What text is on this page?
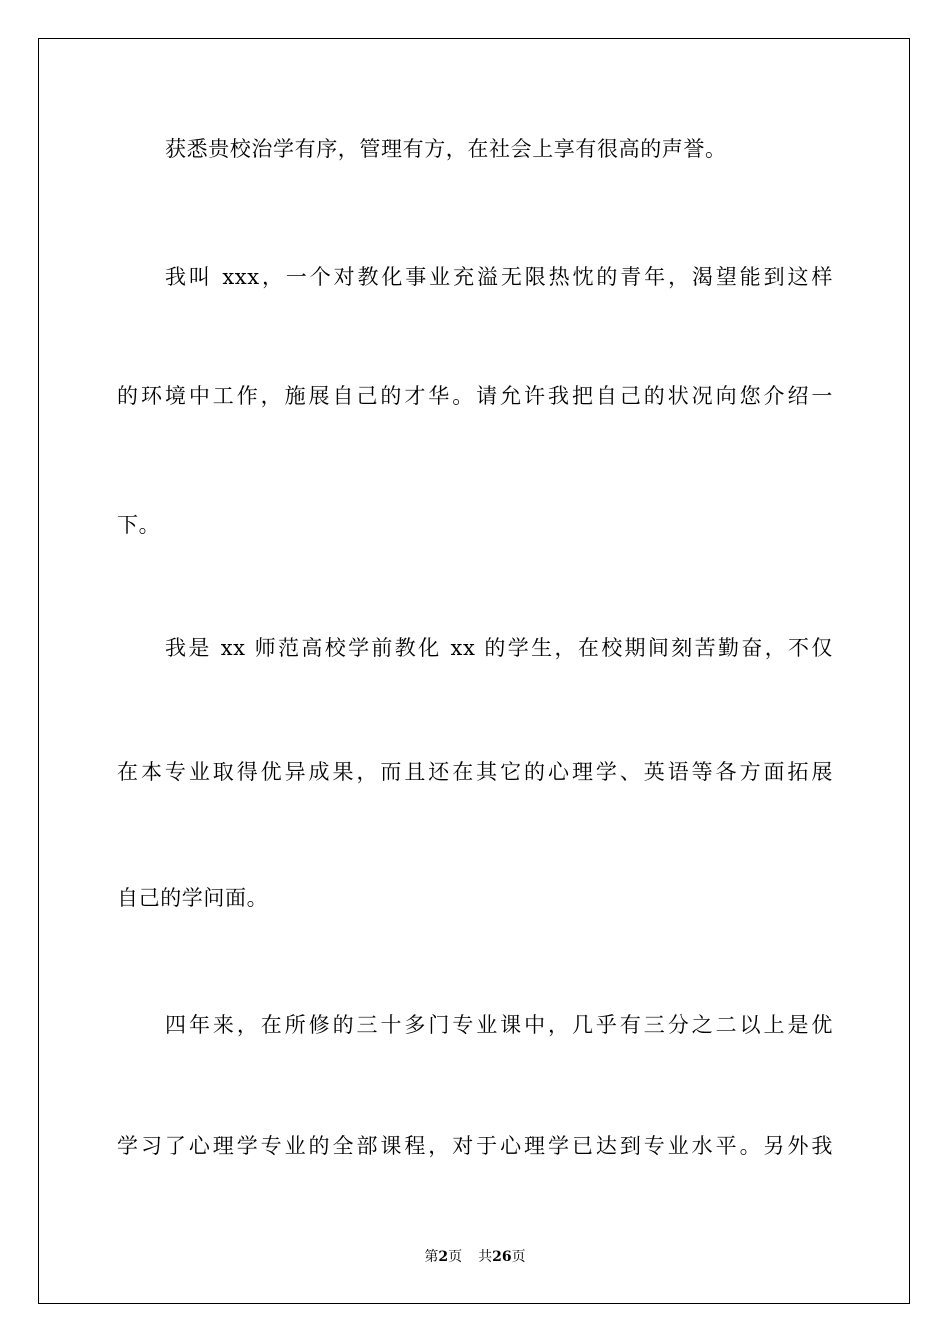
获悉贵校治学有序，管理有方，在社会上享有很高的声誉。
我叫 xxx，一个对教化事业充溢无限热忱的青年，渴望能到这样
的环境中工作，施展自己的才华。请允许我把自己的状况向您介绍一
下。
我是 xx 师范高校学前教化 xx 的学生，在校期间刻苦勤奋，不仅
在本专业取得优异成果，而且还在其它的心理学、英语等各方面拓展
自己的学问面。
四年来，在所修的三十多门专业课中，几乎有三分之二以上是优
学习了心理学专业的全部课程，对于心理学已达到专业水平。另外我
第2页 共26页
